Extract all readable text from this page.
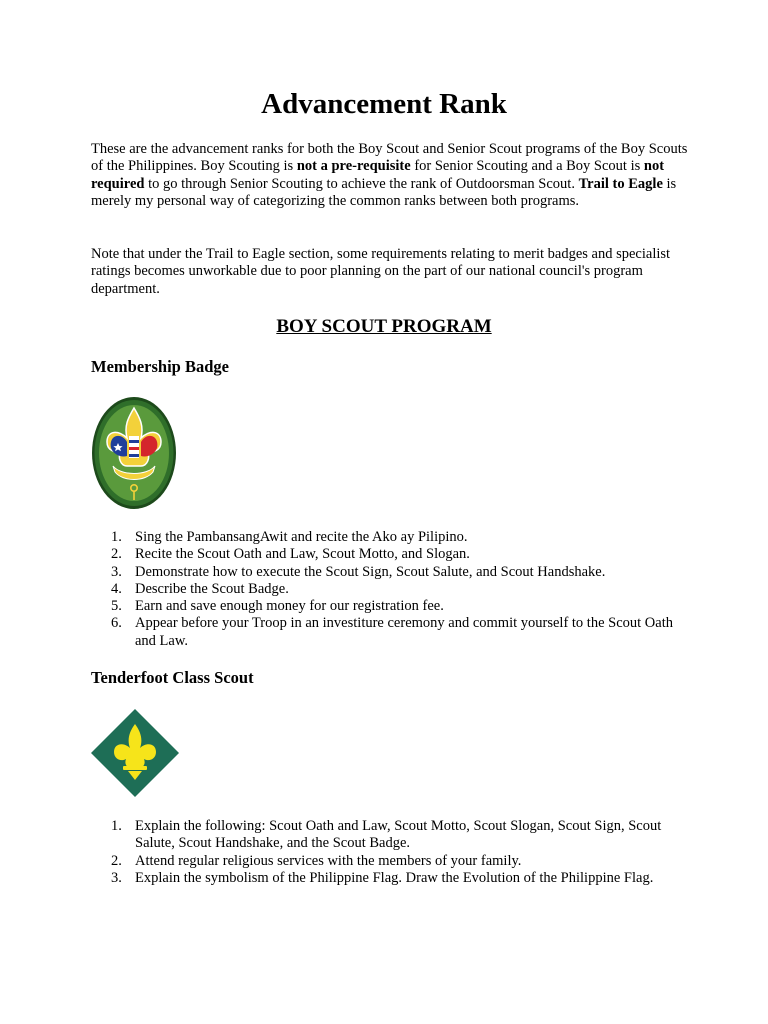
Advancement Rank

These are the advancement ranks for both the Boy Scout and Senior Scout programs of the Boy Scouts of the Philippines. Boy Scouting is not a pre-requisite for Senior Scouting and a Boy Scout is not required to go through Senior Scouting to achieve the rank of Outdoorsman Scout. Trail to Eagle is merely my personal way of categorizing the common ranks between both programs.

Note that under the Trail to Eagle section, some requirements relating to merit badges and specialist ratings becomes unworkable due to poor planning on the part of our national council's program department.

BOY SCOUT PROGRAM
Membership Badge
1. Sing the PambansangAwit and recite the Ako ay Pilipino.
2. Recite the Scout Oath and Law, Scout Motto, and Slogan.
3. Demonstrate how to execute the Scout Sign, Scout Salute, and Scout Handshake.
4. Describe the Scout Badge.
5. Earn and save enough money for our registration fee.
6. Appear before your Troop in an investiture ceremony and commit yourself to the Scout Oath and Law.
Tenderfoot Class Scout
1. Explain the following: Scout Oath and Law, Scout Motto, Scout Slogan, Scout Sign, Scout Salute, Scout Handshake, and the Scout Badge.
2. Attend regular religious services with the members of your family.
3. Explain the symbolism of the Philippine Flag. Draw the Evolution of the Philippine Flag.
